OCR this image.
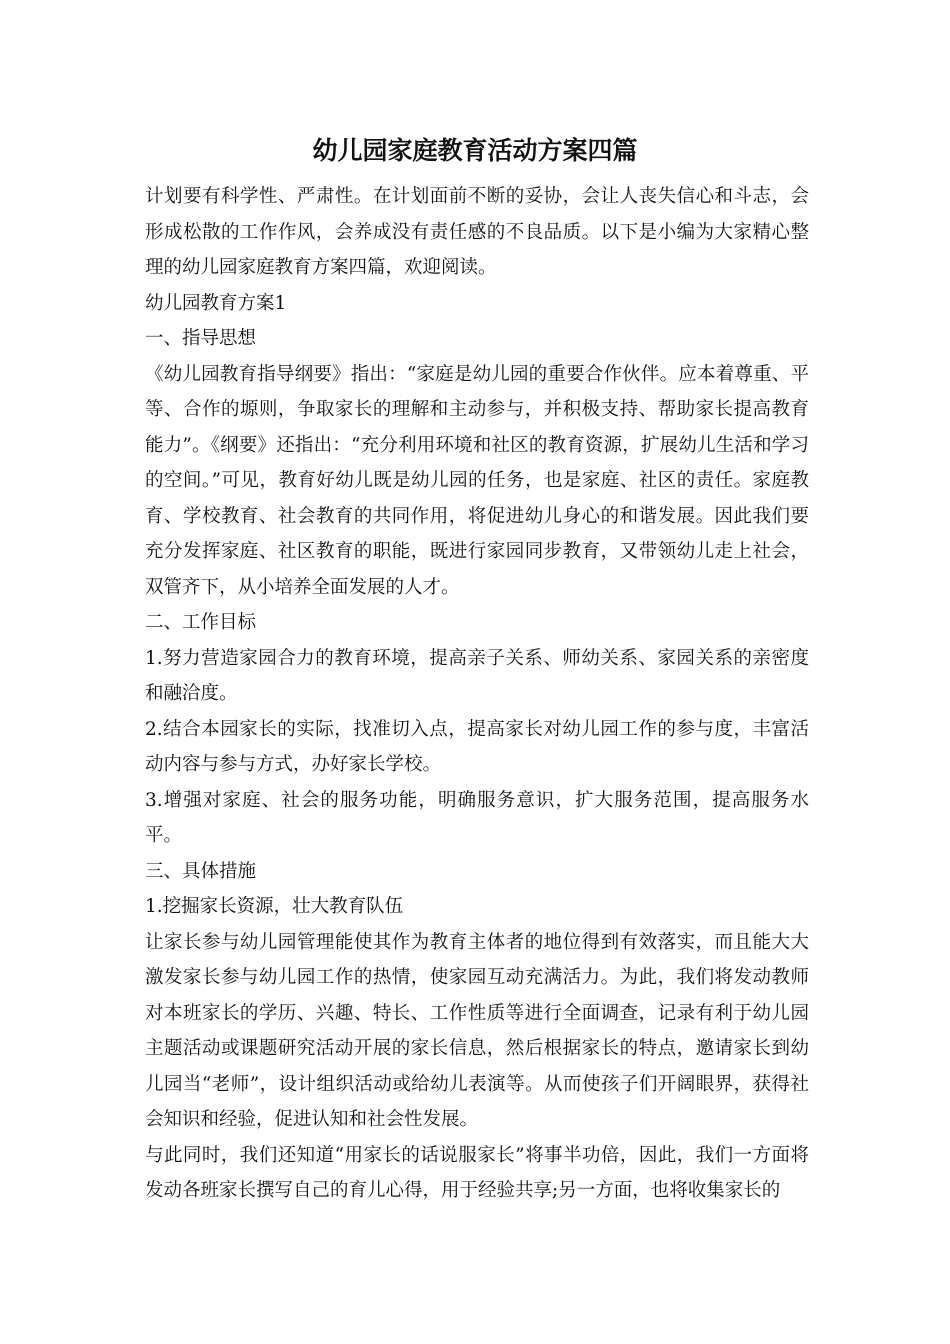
幼儿园家庭教育活动方案四篇

计划要有科学性、严肃性。在计划面前不断的妥协，会让人丧失信心和斗志，会形成松散的工作作风，会养成没有责任感的不良品质。以下是小编为大家精心整理的幼儿园家庭教育方案四篇，欢迎阅读。

幼儿园教育方案1

一、指导思想

《幼儿园教育指导纲要》指出：“家庭是幼儿园的重要合作伙伴。应本着尊重、平等、合作的塬则，争取家长的理解和主动参与，并积极支持、帮助家长提高教育能力”。《纲要》还指出：“充分利用环境和社区的教育资源，扩展幼儿生活和学习的空间。”可见，教育好幼儿既是幼儿园的任务，也是家庭、社区的责任。家庭教育、学校教育、社会教育的共同作用，将促进幼儿身心的和谐发展。因此我们要充分发挥家庭、社区教育的职能，既进行家园同步教育，又带领幼儿走上社会，双管齐下，从小培养全面发展的人才。

二、工作目标

1.努力营造家园合力的教育环境，提高亲子关系、师幼关系、家园关系的亲密度和融洽度。

2.结合本园家长的实际，找准切入点，提高家长对幼儿园工作的参与度，丰富活动内容与参与方式，办好家长学校。

3.增强对家庭、社会的服务功能，明确服务意识，扩大服务范围，提高服务水平。

三、具体措施

1.挖掘家长资源，壮大教育队伍

让家长参与幼儿园管理能使其作为教育主体者的地位得到有效落实，而且能大大激发家长参与幼儿园工作的热情，使家园互动充满活力。为此，我们将发动教师对本班家长的学历、兴趣、特长、工作性质等进行全面调查，记录有利于幼儿园主题活动或课题研究活动开展的家长信息，然后根据家长的特点，邀请家长到幼儿园当“老师”，设计组织活动或给幼儿表演等。从而使孩子们开阔眼界，获得社会知识和经验，促进认知和社会性发展。

与此同时，我们还知道“用家长的话说服家长”将事半功倍，因此，我们一方面将发动各班家长撰写自己的育儿心得，用于经验共享;另一方面，也将收集家长的
